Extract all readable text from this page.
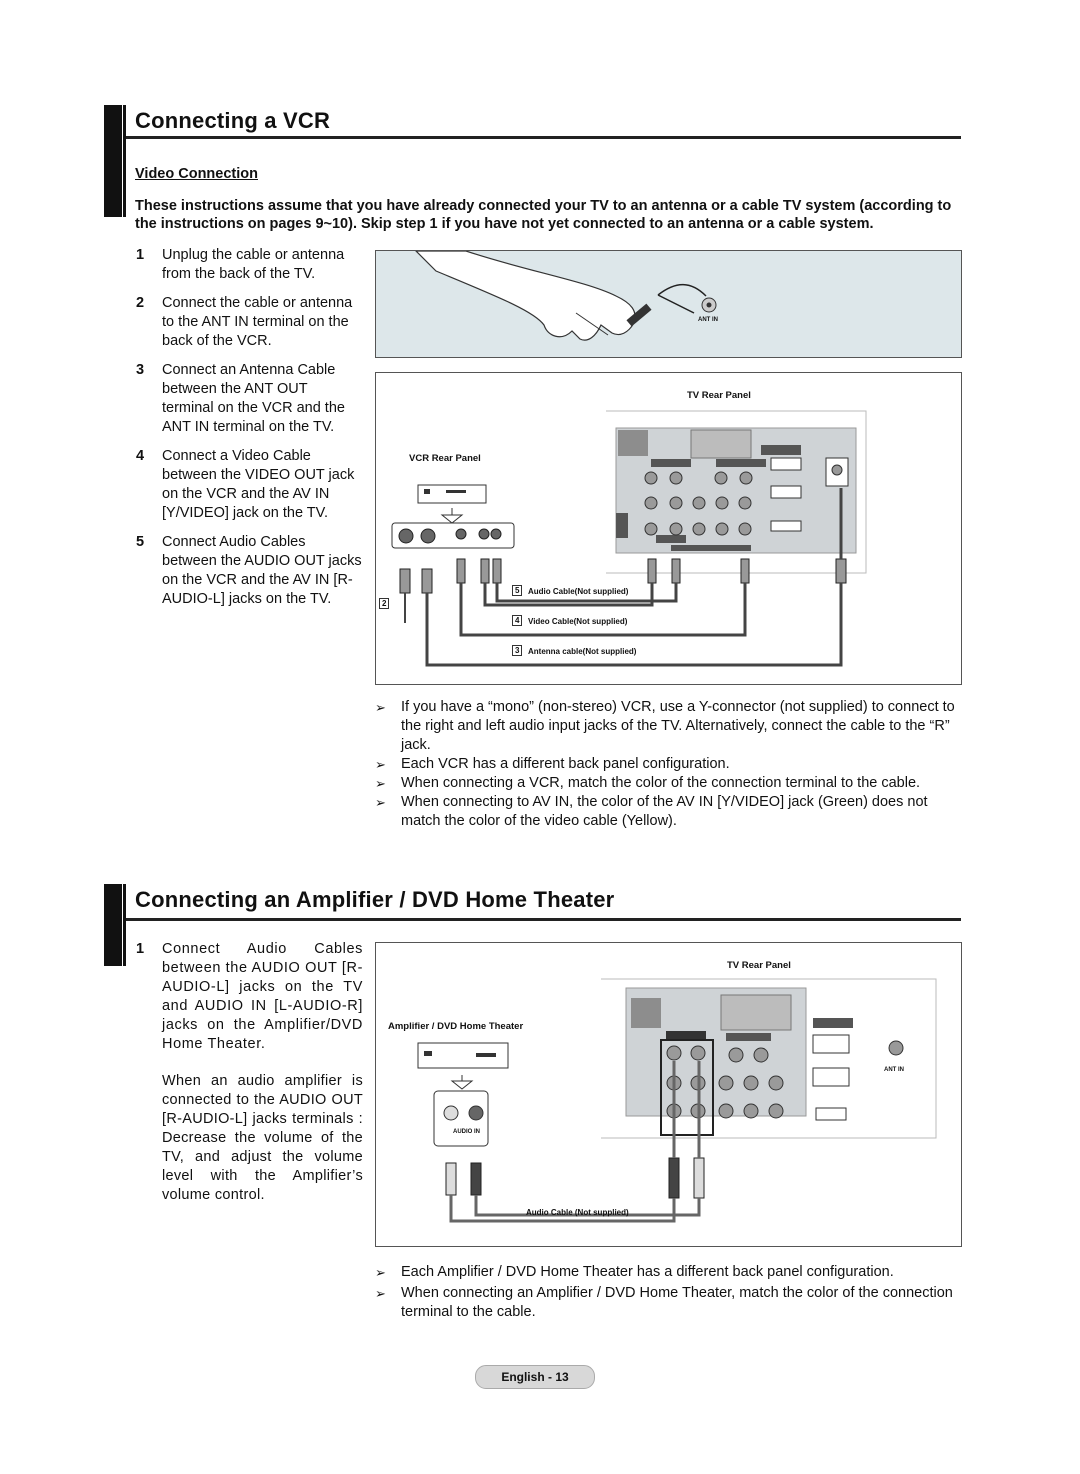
Connecting a VCR
Video Connection
These instructions assume that you have already connected your TV to an antenna or a cable TV system (according to the instructions on pages 9~10). Skip step 1 if you have not yet connected to an antenna or a cable system.
1 Unplug the cable or antenna from the back of the TV.
2 Connect the cable or antenna to the ANT IN terminal on the back of the VCR.
3 Connect an Antenna Cable between the ANT OUT terminal on the VCR and the ANT IN terminal on the TV.
4 Connect a Video Cable between the VIDEO OUT jack on the VCR and the AV IN [Y/VIDEO] jack on the TV.
5 Connect Audio Cables between the AUDIO OUT jacks on the VCR and the AV IN [R-AUDIO-L] jacks on the TV.
ANT IN
TV Rear Panel
VCR Rear Panel
2
5	Audio Cable(Not supplied)
4	Video Cable(Not supplied)
3	Antenna cable(Not supplied)
➢ If you have a “mono” (non-stereo) VCR, use a Y-connector (not supplied) to connect to the right and left audio input jacks of the TV. Alternatively, connect the cable to the “R” jack.
➢ Each VCR has a different back panel configuration.
➢ When connecting a VCR, match the color of the connection terminal to the cable.
➢ When connecting to AV IN, the color of the AV IN [Y/VIDEO] jack (Green) does not match the color of the video cable (Yellow).
Connecting an Amplifier / DVD Home Theater
1	Connect Audio Cables between the AUDIO OUT [R-AUDIO-L] jacks on the TV and AUDIO IN [L-AUDIO-R] jacks on the Amplifier/DVD Home Theater.
When an audio amplifier is connected to the AUDIO OUT [R-AUDIO-L] jacks terminals : Decrease the volume of the TV, and adjust the volume level with the Amplifier’s volume control.
TV Rear Panel
Amplifier / DVD Home Theater
AUDIO IN
ANT IN
Audio Cable (Not supplied)
➢ Each Amplifier / DVD Home Theater has a different back panel configuration.
➢ When connecting an Amplifier / DVD Home Theater, match the color of the connection terminal to the cable.
English - 13
